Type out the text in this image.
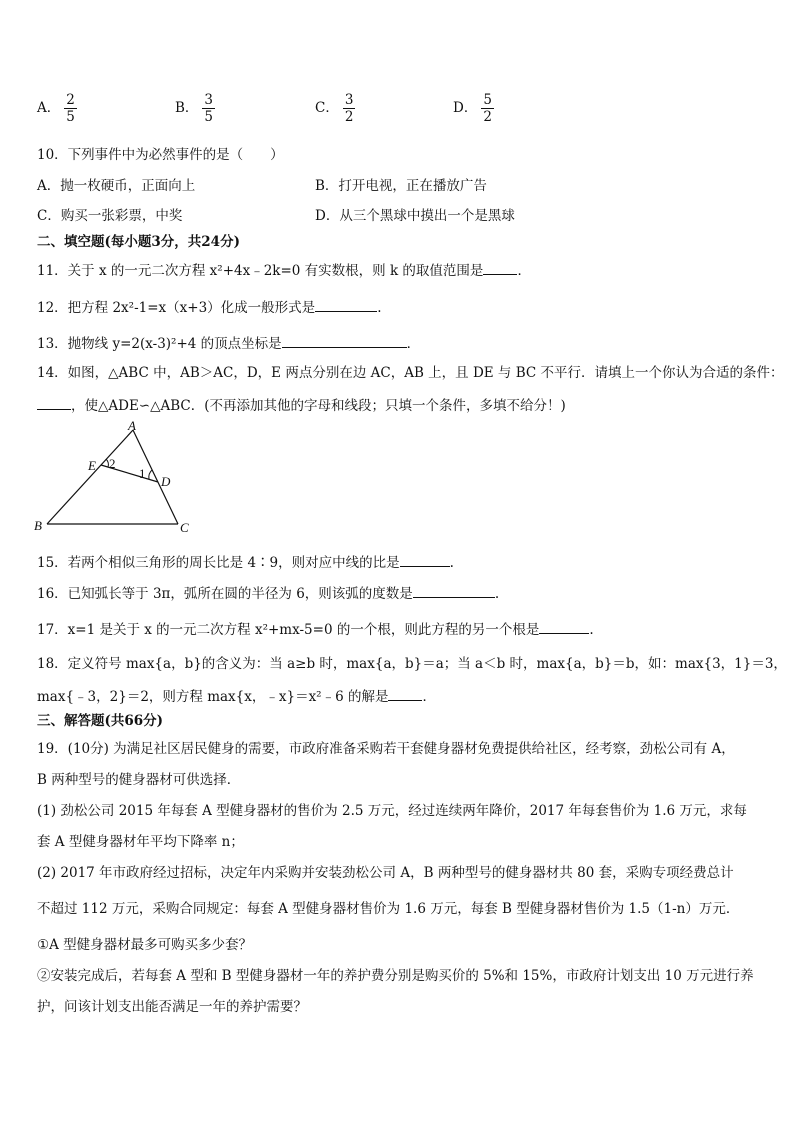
A． $\frac{2}{5}$	B． $\frac{3}{5}$	C． $\frac{3}{2}$	D． $\frac{5}{2}$
10．下列事件中为必然事件的是（　　）
A．抛一枚硬币，正面向上	B．打开电视，正在播放广告
C．购买一张彩票，中奖	D．从三个黑球中摸出一个是黑球
二、填空题(每小题3分，共24分)
11．关于 x 的一元二次方程 x²+4x﹣2k=0 有实数根，则 k 的取值范围是	．
12．把方程 2x²-1=x（x+3）化成一般形式是	.
13．抛物线 y=2(x-3)²+4 的顶点坐标是	．
14．如图，△ABC 中，AB＞AC，D，E 两点分别在边 AC，AB 上，且 DE 与 BC 不平行．请填上一个你认为合适的条件：
，使△ADE∽△ABC．(不再添加其他的字母和线段；只填一个条件，多填不给分！)
A
B	C
D
E
1
2
15．若两个相似三角形的周长比是 4∶9，则对应中线的比是	.
16．已知弧长等于 3π，弧所在圆的半径为 6，则该弧的度数是	.
17．x=1 是关于 x 的一元二次方程 x²+mx-5=0 的一个根，则此方程的另一个根是	.
18．定义符号 max{a，b}的含义为：当 a≥b 时，max{a，b}＝a；当 a＜b 时，max{a，b}＝b，如：max{3，1}＝3，
max{﹣3，2}＝2，则方程 max{x，﹣x}＝x²﹣6 的解是	．
三、解答题(共66分)
19．(10分) 为满足社区居民健身的需要，市政府准备采购若干套健身器材免费提供给社区，经考察，劲松公司有 A，
B 两种型号的健身器材可供选择．
(1) 劲松公司 2015 年每套 A 型健身器材的售价为 2.5 万元，经过连续两年降价，2017 年每套售价为 1.6 万元，求每
套 A 型健身器材年平均下降率 n；
(2) 2017 年市政府经过招标，决定年内采购并安装劲松公司 A，B 两种型号的健身器材共 80 套，采购专项经费总计
不超过 112 万元，采购合同规定：每套 A 型健身器材售价为 1.6 万元，每套 B 型健身器材售价为 1.5（1-n）万元．
①A 型健身器材最多可购买多少套？
②安装完成后，若每套 A 型和 B 型健身器材一年的养护费分别是购买价的 5%和 15%，市政府计划支出 10 万元进行养
护，问该计划支出能否满足一年的养护需要？
